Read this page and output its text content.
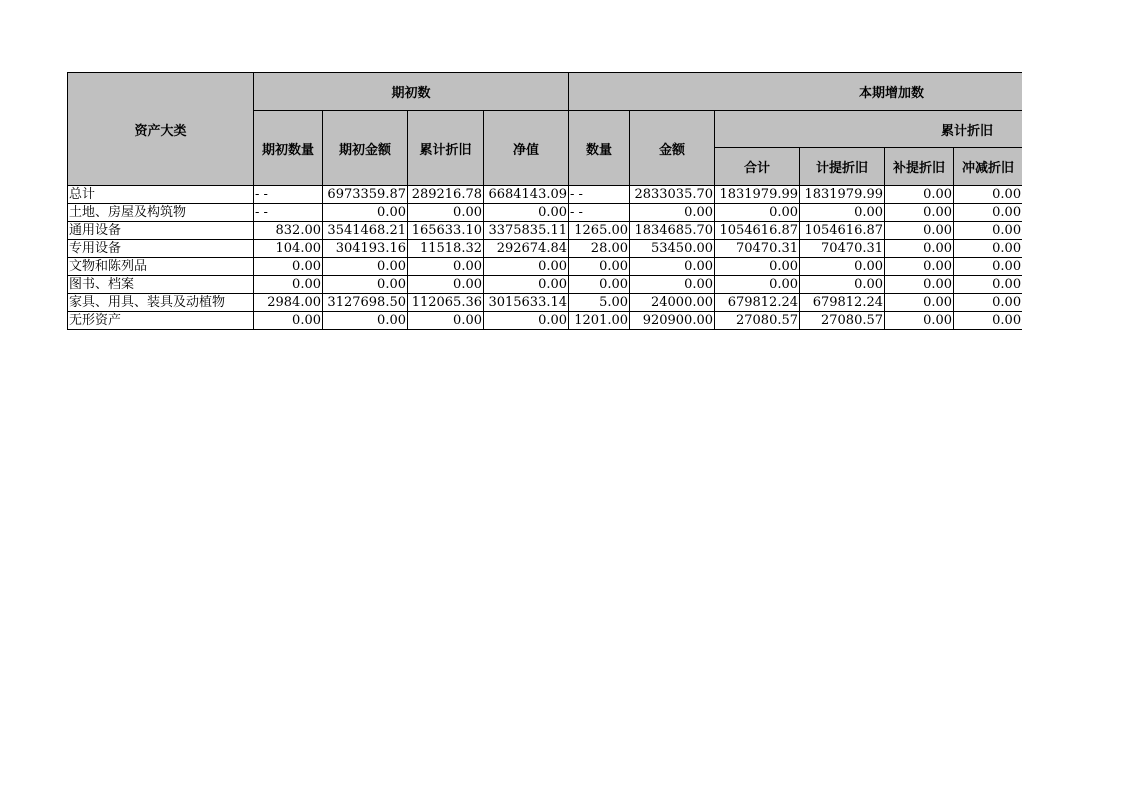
资产大类	期初数				本期增加数					
	期初数量	期初金额	累计折旧	净值	数量	金额	累计折旧			
							合计	计提折旧	补提折旧	冲减折旧
总计	- -	6973359.87	289216.78	6684143.09	- -	2833035.70	1831979.99	1831979.99	0.00	0.00
土地、房屋及构筑物	- -	0.00	0.00	0.00	- -	0.00	0.00	0.00	0.00	0.00
通用设备	832.00	3541468.21	165633.10	3375835.11	1265.00	1834685.70	1054616.87	1054616.87	0.00	0.00
专用设备	104.00	304193.16	11518.32	292674.84	28.00	53450.00	70470.31	70470.31	0.00	0.00
文物和陈列品	0.00	0.00	0.00	0.00	0.00	0.00	0.00	0.00	0.00	0.00
图书、档案	0.00	0.00	0.00	0.00	0.00	0.00	0.00	0.00	0.00	0.00
家具、用具、装具及动植物	2984.00	3127698.50	112065.36	3015633.14	5.00	24000.00	679812.24	679812.24	0.00	0.00
无形资产	0.00	0.00	0.00	0.00	1201.00	920900.00	27080.57	27080.57	0.00	0.00
